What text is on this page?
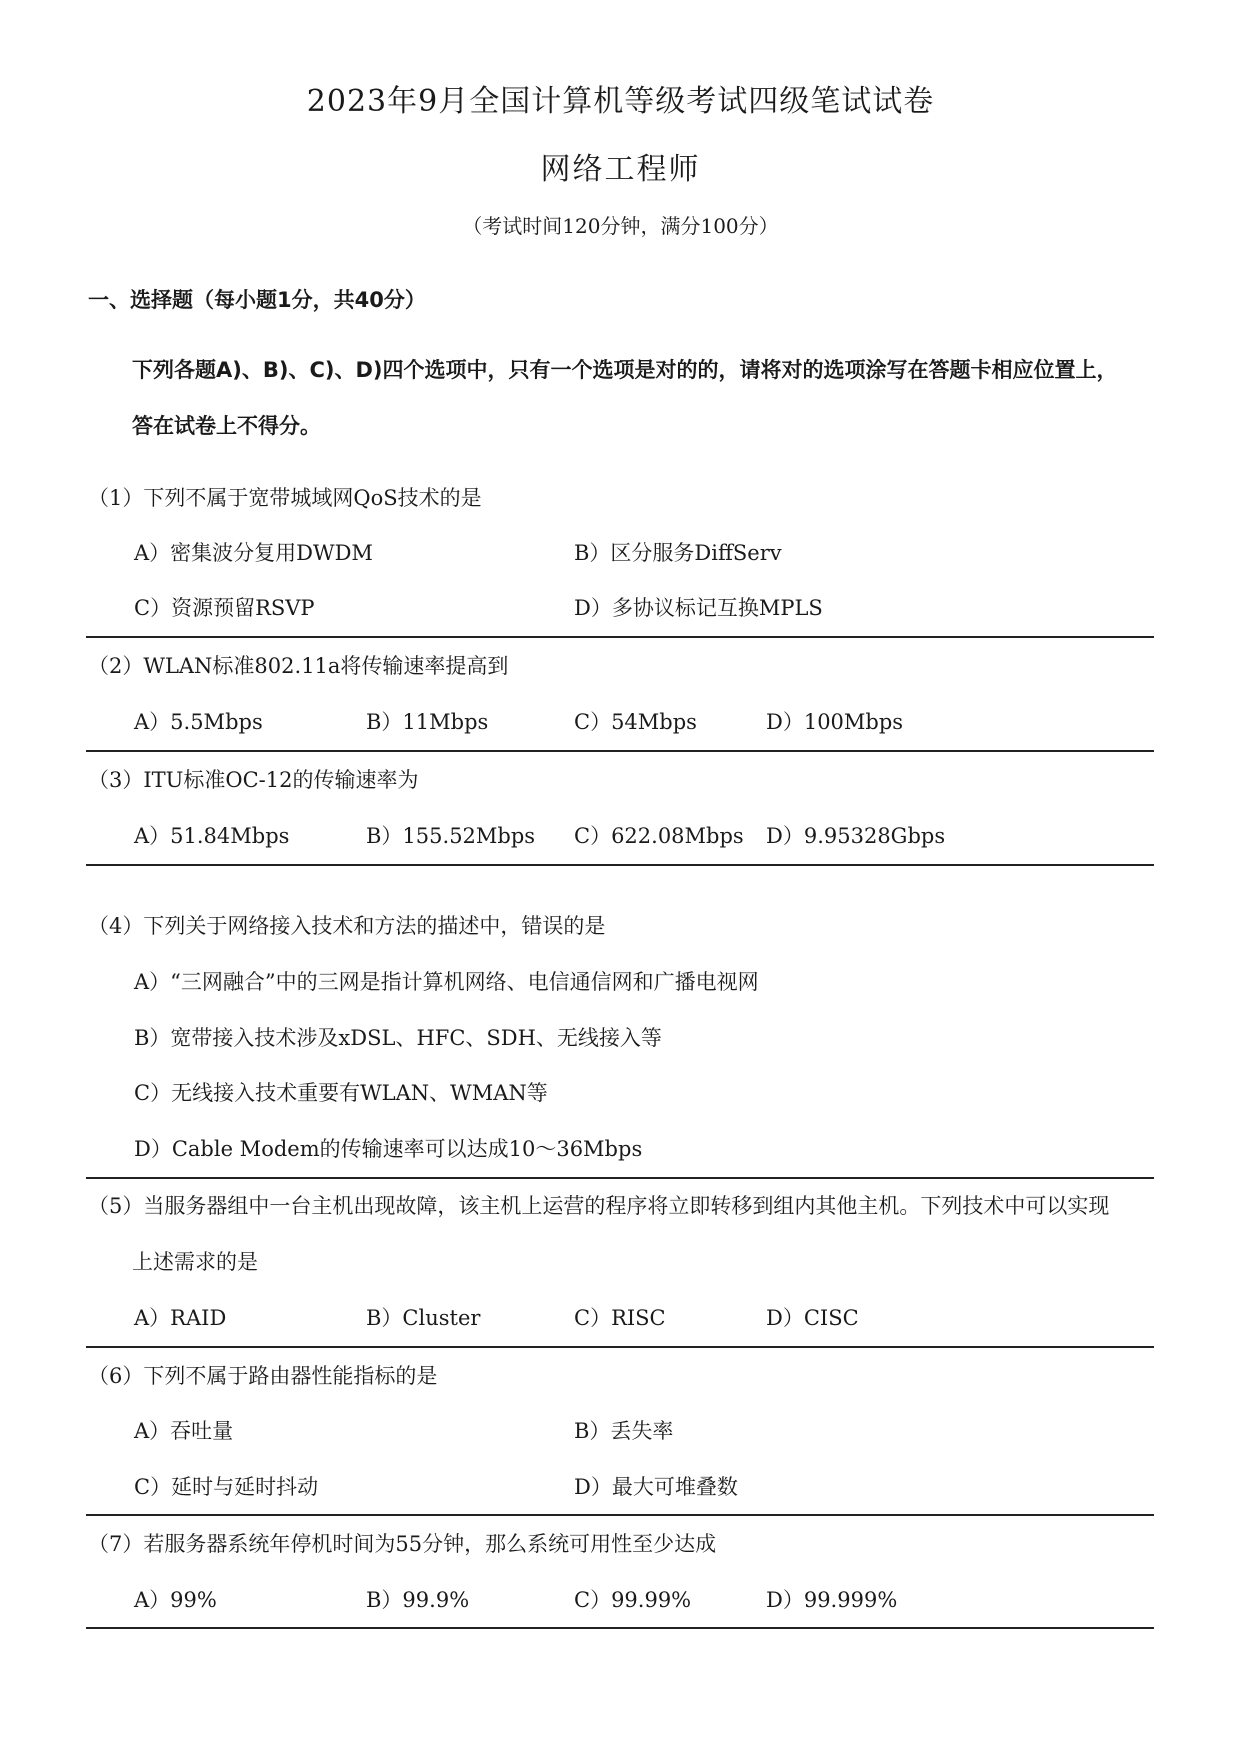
2023年9月全国计算机等级考试四级笔试试卷
网络工程师
（考试时间120分钟，满分100分）
一、选择题（每小题1分，共40分）
下列各题A)、B)、C)、D)四个选项中，只有一个选项是对的的，请将对的选项涂写在答题卡相应位置上，
答在试卷上不得分。
（1）下列不属于宽带城域网QoS技术的是
A）密集波分复用DWDM	B）区分服务DiffServ
C）资源预留RSVP	D）多协议标记互换MPLS
（2）WLAN标准802.11a将传输速率提高到
A）5.5Mbps	B）11Mbps	C）54Mbps	D）100Mbps
（3）ITU标准OC-12的传输速率为
A）51.84Mbps	B）155.52Mbps C）622.08Mbps D）9.95328Gbps
（4）下列关于网络接入技术和方法的描述中，错误的是
A）“三网融合”中的三网是指计算机网络、电信通信网和广播电视网
B）宽带接入技术涉及xDSL、HFC、SDH、无线接入等
C）无线接入技术重要有WLAN、WMAN等
D）Cable Modem的传输速率可以达成10～36Mbps
（5）当服务器组中一台主机出现故障，该主机上运营的程序将立即转移到组内其他主机。下列技术中可以实现
上述需求的是
A）RAID	B）Cluster	C）RISC	D）CISC
（6）下列不属于路由器性能指标的是
A）吞吐量	B）丢失率
C）延时与延时抖动	D）最大可堆叠数
（7）若服务器系统年停机时间为55分钟，那么系统可用性至少达成
A）99%	B）99.9%	C）99.99%	D）99.999%
